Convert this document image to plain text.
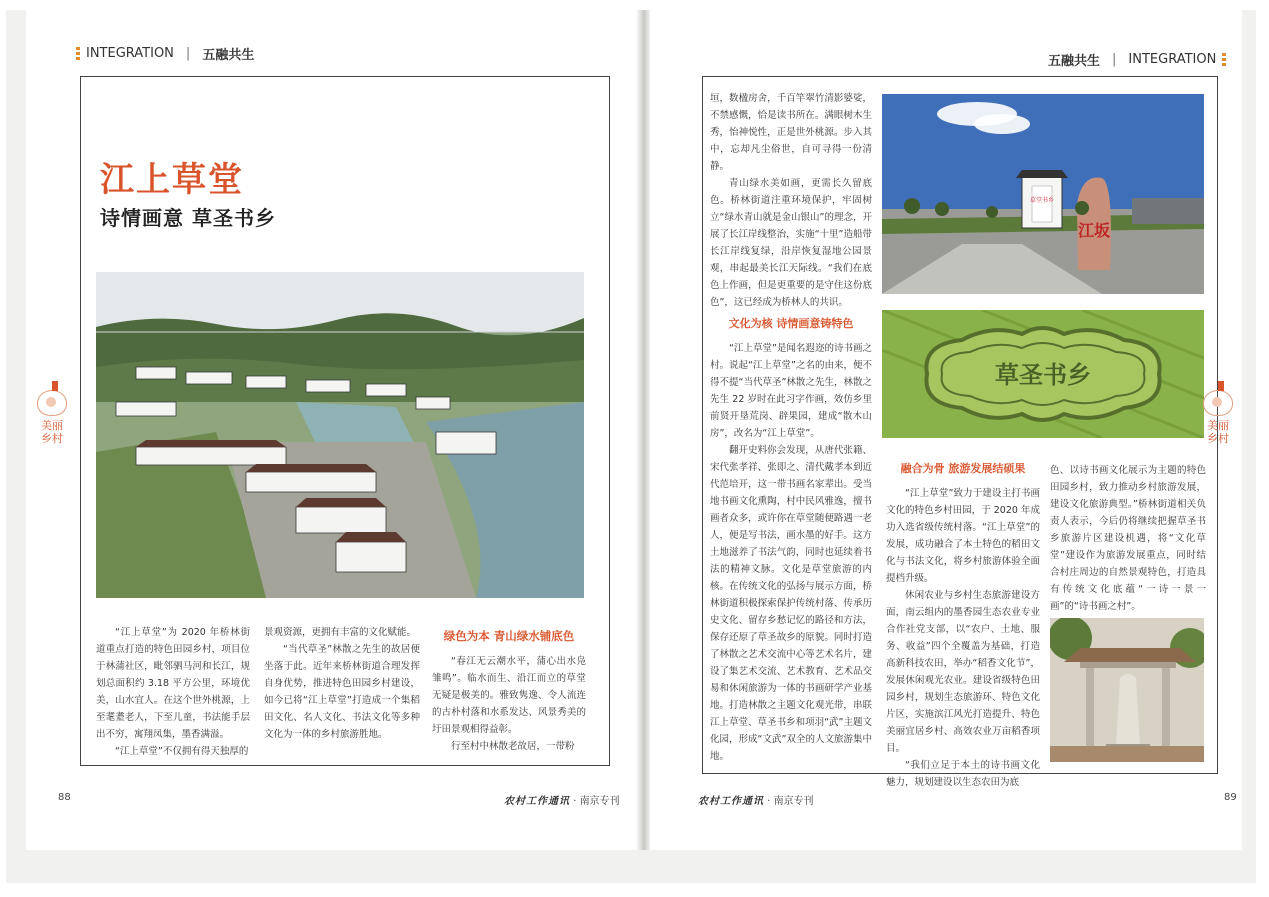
INTEGRATION | 五融共生
江上草堂
诗情画意 草圣书乡

“江上草堂”为 2020 年桥林街道重点打造的特色田园乡村，项目位于林蒲社区，毗邻驷马河和长江，规划总面积约 3.18 平方公里，环境优美，山水宜人。在这个世外桃源，上至耄耋老人，下至儿童，书法能手层出不穷，寓翔凤集，墨香满溢。

“江上草堂”不仅拥有得天独厚的

景观资源，更拥有丰富的文化赋能。

“当代草圣”林散之先生的故居便坐落于此。近年来桥林街道合理发挥自身优势，推进特色田园乡村建设，如今已将“江上草堂”打造成一个集稻田文化、名人文化、书法文化等多种文化为一体的乡村旅游胜地。

绿色为本 青山绿水铺底色

“春江无云潮水平，蒲心出水凫雏鸣”。临水而生、沿江而立的草堂无疑是极美的。雅致隽逸、令人流连的古朴村落和水系发达、风景秀美的圩田景观相得益彰。

行至村中林散老故居，一带粉

美丽
乡村
88	农村工作通讯 · 南京专刊
五融共生 | INTEGRATION

垣，数楹房舍，千百竿翠竹清影婆娑，不禁感慨，恰是读书所在。满眼树木生秀，怡神悦性，正是世外桃源。步入其中，忘却凡尘俗世，自可寻得一份清静。

青山绿水美如画，更需长久留底色。桥林街道注重环境保护，牢固树立“绿水青山就是金山银山”的理念，开展了长江岸线整治，实施“十里”造船带长江岸线复绿，沿岸恢复湿地公园景观，串起最美长江天际线。“我们在底色上作画，但是更重要的是守住这份底色”，这已经成为桥林人的共识。

文化为核 诗情画意铸特色

“江上草堂”是闻名遐迩的诗书画之村。说起“江上草堂”之名的由来，便不得不提“当代草圣”林散之先生，林散之先生 22 岁时在此习字作画，效仿乡里前贤开垦荒岗、辟果园，建成“散木山房”，改名为“江上草堂”。

翻开史料你会发现，从唐代张籍、宋代张孝祥、张即之、清代戴孝本到近代范培开，这一带书画名家辈出。受当地书画文化熏陶，村中民风雅逸，擅书画者众多，或许你在草堂随便路遇一老人，便是写书法，画水墨的好手。这方土地滋养了书法气韵，同时也延续着书法的精神文脉。文化是草堂旅游的内核。在传统文化的弘扬与展示方面，桥林街道积极探索保护传统村落、传承历史文化、留存乡愁记忆的路径和方法，保存还原了草圣故乡的原貌。同时打造了林散之艺术交流中心等艺术名片，建设了集艺术交流、艺术教育、艺术品交易和休闲旅游为一体的书画研学产业基地。打造林散之主题文化观光带，串联江上草堂、草圣书乡和项羽“武”主题文化园，形成“文武”双全的人文旅游集中地。

草堂书乡
江坂
草圣书乡
融合为骨 旅游发展结硕果

“江上草堂”致力于建设主打书画文化的特色乡村田园，于 2020 年成功入选省级传统村落。“江上草堂”的发展，成功融合了本土特色的稻田文化与书法文化，将乡村旅游体验全面提档升级。

休闲农业与乡村生态旅游建设方面，南云组内的墨香园生态农业专业合作社党支部，以“农户、土地、服务、收益”四个全覆盖为基础，打造高新科技农田，举办“稻香文化节”，发展休闲观光农业。建设省级特色田园乡村，规划生态旅游环、特色文化片区，实施滨江风光打造提升、特色美丽宜居乡村、高效农业万亩稻香项目。

“我们立足于本土的诗书画文化魅力，规划建设以生态农田为底

色、以诗书画文化展示为主题的特色田园乡村，致力推动乡村旅游发展，建设文化旅游典型。”桥林街道相关负责人表示，今后仍将继续把握草圣书乡旅游片区建设机遇，将“文化草堂”建设作为旅游发展重点，同时结合村庄周边的自然景观特色，打造具有传统文化底蕴“一诗一景一画”的“诗书画之村”。

美丽
乡村
农村工作通讯 · 南京专刊	89
